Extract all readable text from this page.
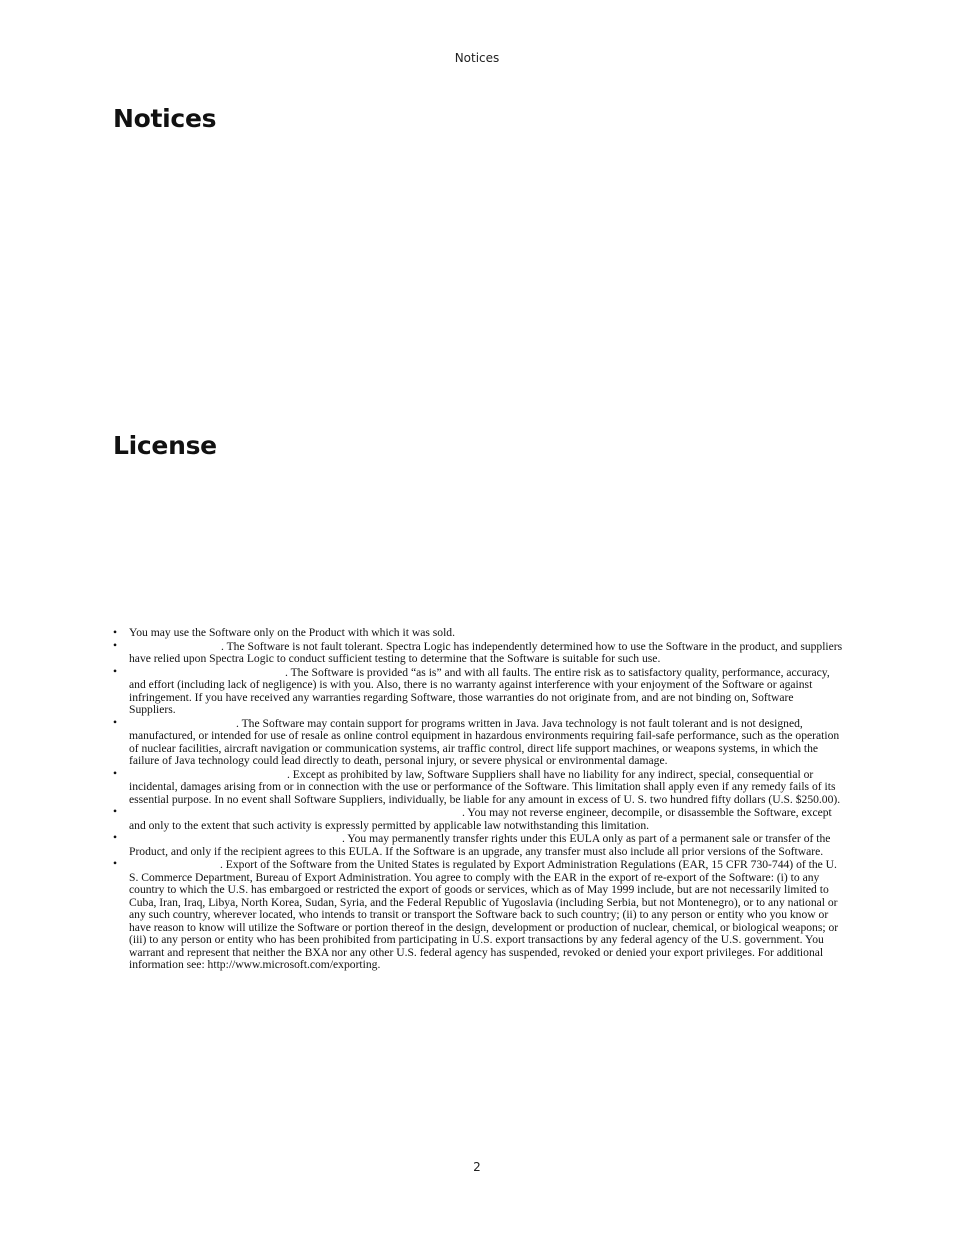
Notices
Notices
License
• You may use the Software only on the Product with which it was sold.
•	. The Software is not fault tolerant. Spectra Logic has independently determined how to use the Software in the product, and suppliers have relied upon Spectra Logic to conduct sufficient testing to determine that the Software is suitable for such use.
•	. The Software is provided “as is” and with all faults. The entire risk as to satisfactory quality, performance, accuracy, and effort (including lack of negligence) is with you. Also, there is no warranty against interference with your enjoyment of the Software or against infringement. If you have received any warranties regarding Software, those warranties do not originate from, and are not binding on, Software Suppliers.
•	. The Software may contain support for programs written in Java. Java technology is not fault tolerant and is not designed, manufactured, or intended for use of resale as online control equipment in hazardous environments requiring fail-safe performance, such as the operation of nuclear facilities, aircraft navigation or communication systems, air traffic control, direct life support machines, or weapons systems, in which the failure of Java technology could lead directly to death, personal injury, or severe physical or environmental damage.
•	. Except as prohibited by law, Software Suppliers shall have no liability for any indirect, special, consequential or incidental, damages arising from or in connection with the use or performance of the Software. This limitation shall apply even if any remedy fails of its essential purpose. In no event shall Software Suppliers, individually, be liable for any amount in excess of U. S. two hundred fifty dollars (U.S. $250.00).
•	. You may not reverse engineer, decompile, or disassemble the Software, except and only to the extent that such activity is expressly permitted by applicable law notwithstanding this limitation.
•	. You may permanently transfer rights under this EULA only as part of a permanent sale or transfer of the Product, and only if the recipient agrees to this EULA. If the Software is an upgrade, any transfer must also include all prior versions of the Software.
•	. Export of the Software from the United States is regulated by Export Administration Regulations (EAR, 15 CFR 730-744) of the U. S. Commerce Department, Bureau of Export Administration. You agree to comply with the EAR in the export of re-export of the Software: (i) to any country to which the U.S. has embargoed or restricted the export of goods or services, which as of May 1999 include, but are not necessarily limited to Cuba, Iran, Iraq, Libya, North Korea, Sudan, Syria, and the Federal Republic of Yugoslavia (including Serbia, but not Montenegro), or to any national or any such country, wherever located, who intends to transit or transport the Software back to such country; (ii) to any person or entity who you know or have reason to know will utilize the Software or portion thereof in the design, development or production of nuclear, chemical, or biological weapons; or (iii) to any person or entity who has been prohibited from participating in U.S. export transactions by any federal agency of the U.S. government. You warrant and represent that neither the BXA nor any other U.S. federal agency has suspended, revoked or denied your export privileges. For additional information see: http://www.microsoft.com/exporting.
2
